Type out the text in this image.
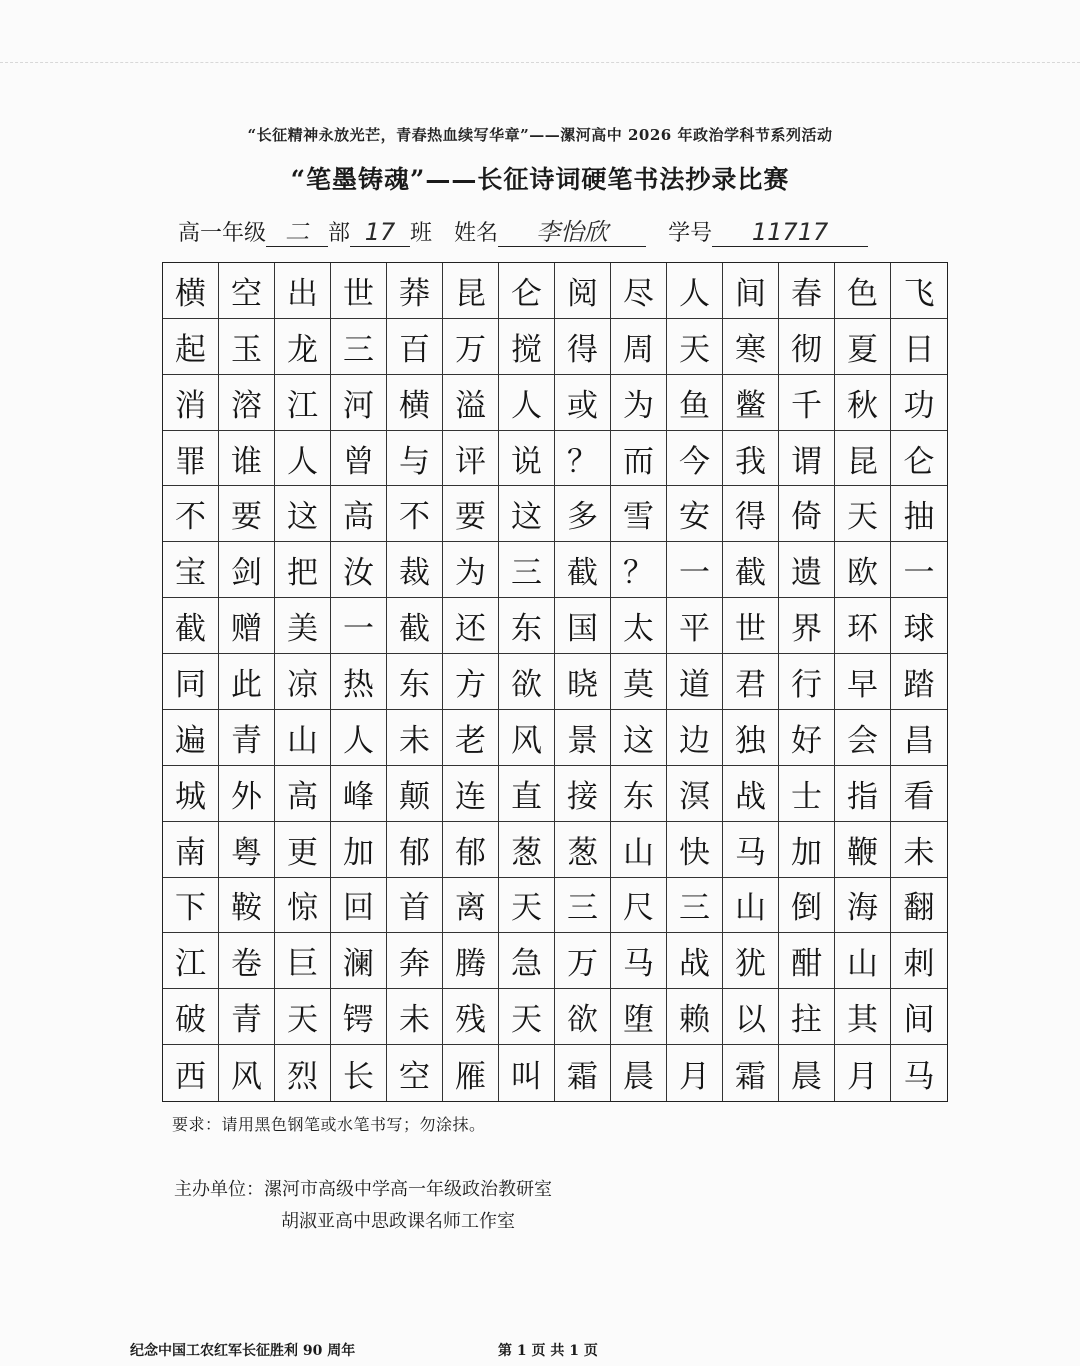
“长征精神永放光芒，青春热血续写华章”——漯河高中 2026 年政治学科节系列活动
“笔墨铸魂”——长征诗词硬笔书法抄录比赛
高一年级 二 部 17 班 姓名	李怡欣	学号	11717
横 空 出 世 莽 昆 仑 阅 尽 人 间 春 色 飞
起 玉 龙 三 百 万 搅 得 周 天 寒 彻 夏 日
消 溶 江 河 横 溢 人 或 为 鱼 鳖 千 秋 功
罪 谁 人 曾 与 评 说 ？ 而 今 我 谓 昆 仑
不 要 这 高 不 要 这 多 雪 安 得 倚 天 抽
宝 剑 把 汝 裁 为 三 截 ？ 一 截 遗 欧 一
截 赠 美 一 截 还 东 国 太 平 世 界 环 球
同 此 凉 热 东 方 欲 晓 莫 道 君 行 早 踏
遍 青 山 人 未 老 风 景 这 边 独 好 会 昌
城 外 高 峰 颠 连 直 接 东 溟 战 士 指 看
南 粤 更 加 郁 郁 葱 葱 山 快 马 加 鞭 未
下 鞍 惊 回 首 离 天 三 尺 三 山 倒 海 翻
江 卷 巨 澜 奔 腾 急 万 马 战 犹 酣 山 刺
破 青 天 锷 未 残 天 欲 堕 赖 以 拄 其 间
西 风 烈 长 空 雁 叫 霜 晨 月 霜 晨 月 马
要求：请用黑色钢笔或水笔书写；勿涂抹。
主办单位：漯河市高级中学高一年级政治教研室
胡淑亚高中思政课名师工作室
纪念中国工农红军长征胜利 90 周年	第 1 页 共 1 页
